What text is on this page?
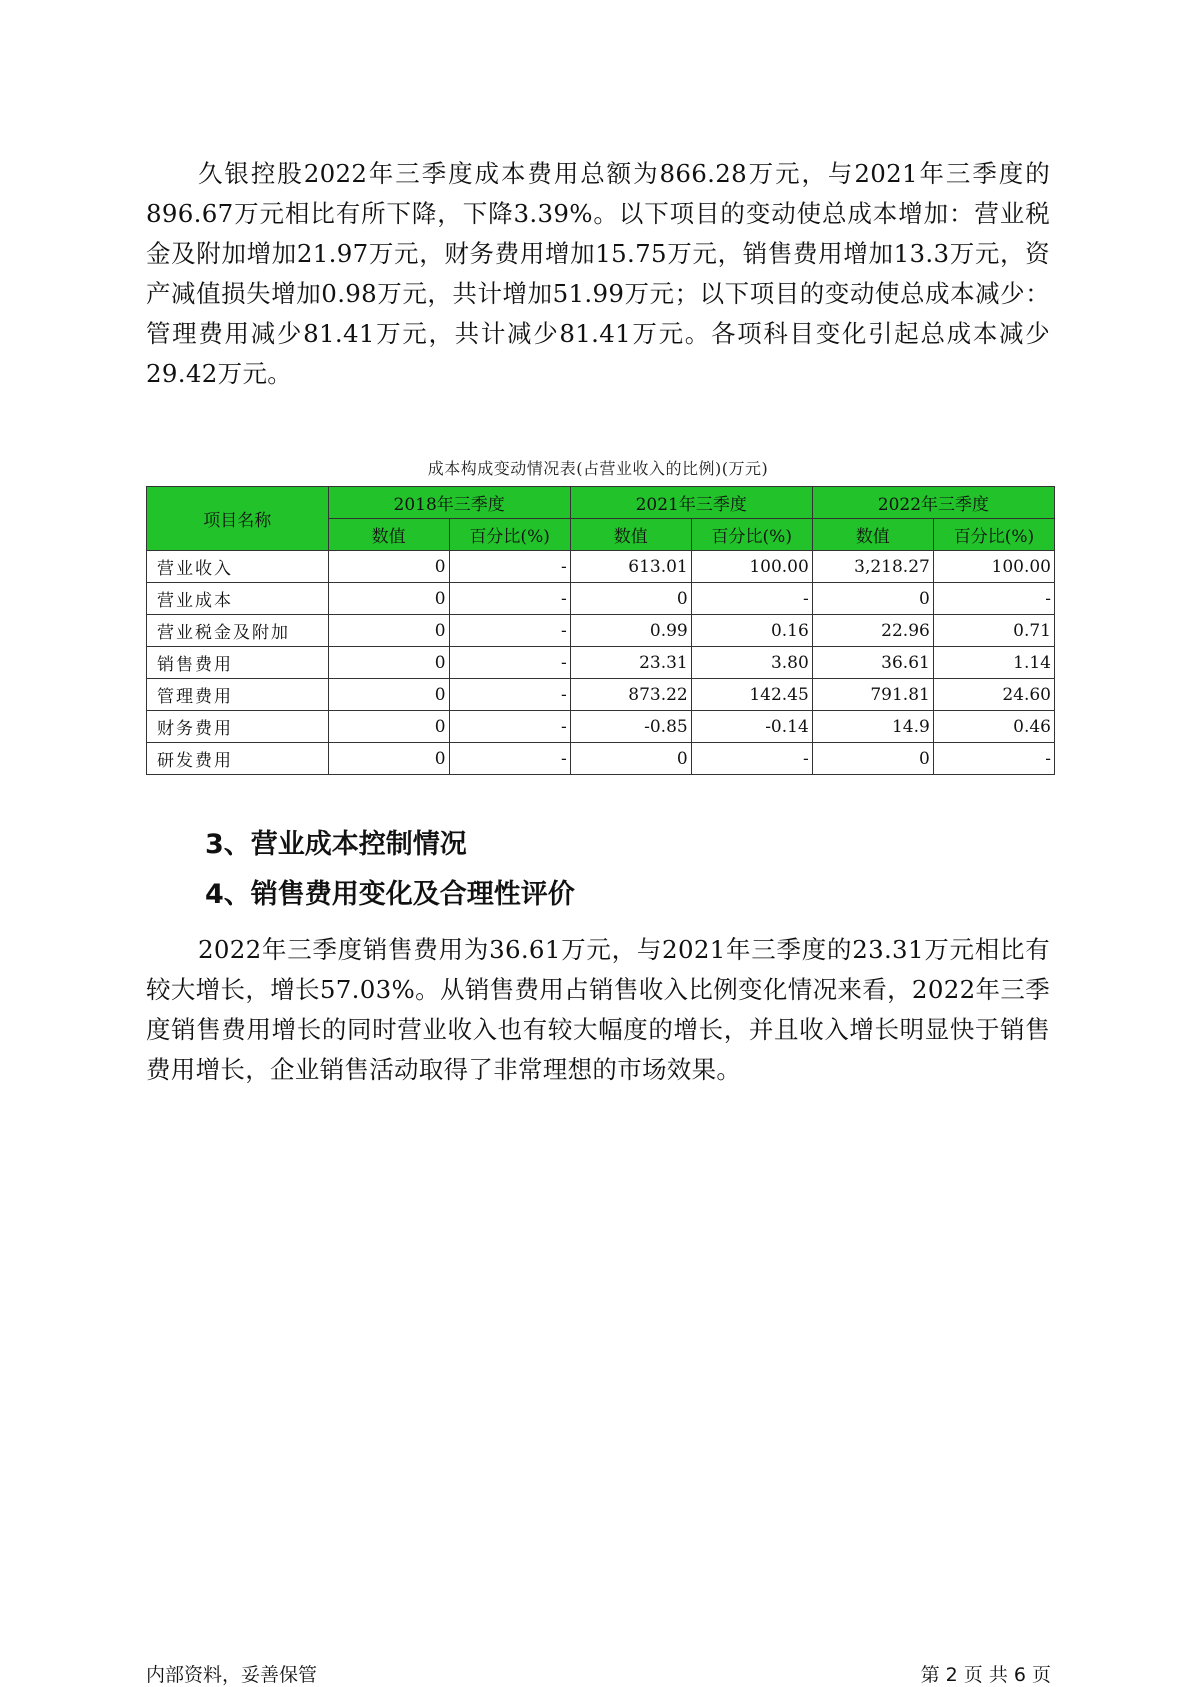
久银控股2022年三季度成本费用总额为866.28万元，与2021年三季度的896.67万元相比有所下降，下降3.39%。以下项目的变动使总成本增加：营业税金及附加增加21.97万元，财务费用增加15.75万元，销售费用增加13.3万元，资产减值损失增加0.98万元，共计增加51.99万元；以下项目的变动使总成本减少：管理费用减少81.41万元，共计减少81.41万元。各项科目变化引起总成本减少29.42万元。

成本构成变动情况表(占营业收入的比例)(万元)
项目名称	2018年三季度		2021年三季度		2022年三季度	
	数值	百分比(%)	数值	百分比(%)	数值	百分比(%)
营业收入	0	-	613.01	100.00	3,218.27	100.00
营业成本	0	-	0	-	0	-
营业税金及附加	0	-	0.99	0.16	22.96	0.71
销售费用	0	-	23.31	3.80	36.61	1.14
管理费用	0	-	873.22	142.45	791.81	24.60
财务费用	0	-	-0.85	-0.14	14.9	0.46
研发费用	0	-	0	-	0	-
3、营业成本控制情况
4、销售费用变化及合理性评价

2022年三季度销售费用为36.61万元，与2021年三季度的23.31万元相比有较大增长，增长57.03%。从销售费用占销售收入比例变化情况来看，2022年三季度销售费用增长的同时营业收入也有较大幅度的增长，并且收入增长明显快于销售费用增长，企业销售活动取得了非常理想的市场效果。

内部资料，妥善保管	第 2 页 共 6 页
